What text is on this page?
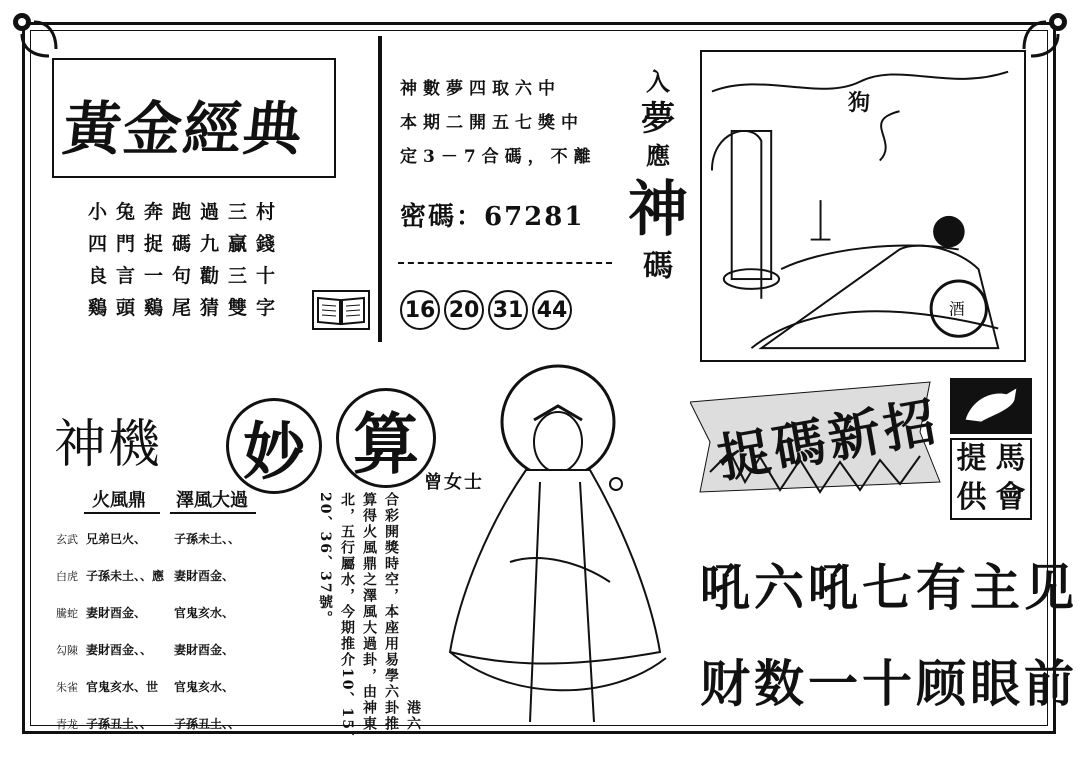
黃金經典
小兔奔跑過三村
四門捉碼九贏錢
良言一句勸三十
鷄頭鷄尾猜雙字
神數夢四取六中
本期二開五七獎中
定3－7合碼，不離
密碼：67281
16 20 31 44
入
夢
應
神
碼
酒
狗
捉碼新招 提 馬
供 會
吼六吼七有主见
财数一十顾眼前
神機 妙 算 曾女士
火風鼎 澤風大過
玄武 兄弟巳火、	子孫未土、、
白虎 子孫未土、、應 妻財酉金、
騰蛇 妻財酉金、	官鬼亥水、
勾陳 妻財酉金、、	妻財酉金、
朱雀 官鬼亥水、世	官鬼亥水、
青龙 子孫丑土、、	子孫丑土、、	港六
合彩開獎時空，本座用易學六卦推
算得火風鼎之澤風大過卦，由神東
北，五行屬水，今期推介10、15、
20、36、37號。
